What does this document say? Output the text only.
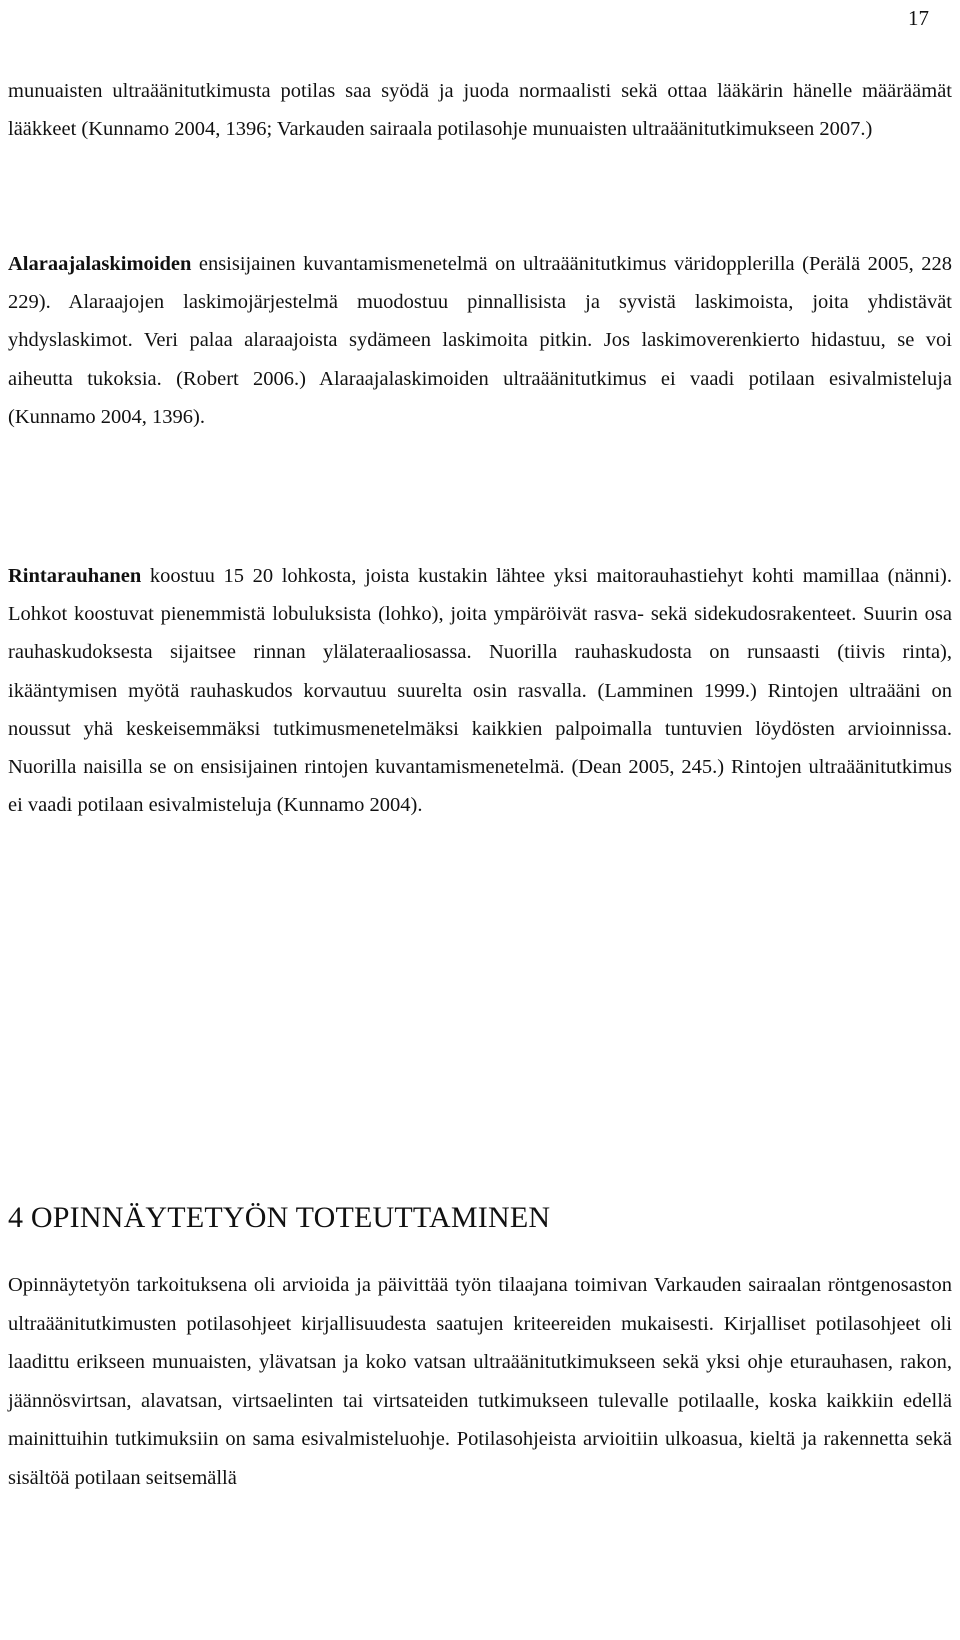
17

munuaisten ultraäänitutkimusta potilas saa syödä ja juoda normaalisti sekä ottaa lääkärin hänelle määräämät lääkkeet (Kunnamo 2004, 1396; Varkauden sairaala potilasohje munuaisten ultraäänitutkimukseen 2007.)

Alaraajalaskimoiden ensisijainen kuvantamismenetelmä on ultraäänitutkimus väridopplerilla (Perälä 2005, 228 229). Alaraajojen laskimojärjestelmä muodostuu pinnallisista ja syvistä laskimoista, joita yhdistävät yhdyslaskimot. Veri palaa alaraajoista sydämeen laskimoita pitkin. Jos laskimoverenkierto hidastuu, se voi aiheutta tukoksia. (Robert 2006.) Alaraajalaskimoiden ultraäänitutkimus ei vaadi potilaan esivalmisteluja (Kunnamo 2004, 1396).

Rintarauhanen koostuu 15 20 lohkosta, joista kustakin lähtee yksi maitorauhastiehyt kohti mamillaa (nänni). Lohkot koostuvat pienemmistä lobuluksista (lohko), joita ympäröivät rasva- sekä sidekudosrakenteet. Suurin osa rauhaskudoksesta sijaitsee rinnan ylälateraaliosassa. Nuorilla rauhaskudosta on runsaasti (tiivis rinta), ikääntymisen myötä rauhaskudos korvautuu suurelta osin rasvalla. (Lamminen 1999.) Rintojen ultraääni on noussut yhä keskeisemmäksi tutkimusmenetelmäksi kaikkien palpoimalla tuntuvien löydösten arvioinnissa. Nuorilla naisilla se on ensisijainen rintojen kuvantamismenetelmä. (Dean 2005, 245.) Rintojen ultraäänitutkimus ei vaadi potilaan esivalmisteluja (Kunnamo 2004).

4 OPINNÄYTETYÖN TOTEUTTAMINEN

Opinnäytetyön tarkoituksena oli arvioida ja päivittää työn tilaajana toimivan Varkauden sairaalan röntgenosaston ultraäänitutkimusten potilasohjeet kirjallisuudesta saatujen kriteereiden mukaisesti. Kirjalliset potilasohjeet oli laadittu erikseen munuaisten, ylävatsan ja koko vatsan ultraäänitutkimukseen sekä yksi ohje eturauhasen, rakon, jäännösvirtsan, alavatsan, virtsaelinten tai virtsateiden tutkimukseen tulevalle potilaalle, koska kaikkiin edellä mainittuihin tutkimuksiin on sama esivalmisteluohje. Potilasohjeista arvioitiin ulkoasua, kieltä ja rakennetta sekä sisältöä potilaan seitsemällä
